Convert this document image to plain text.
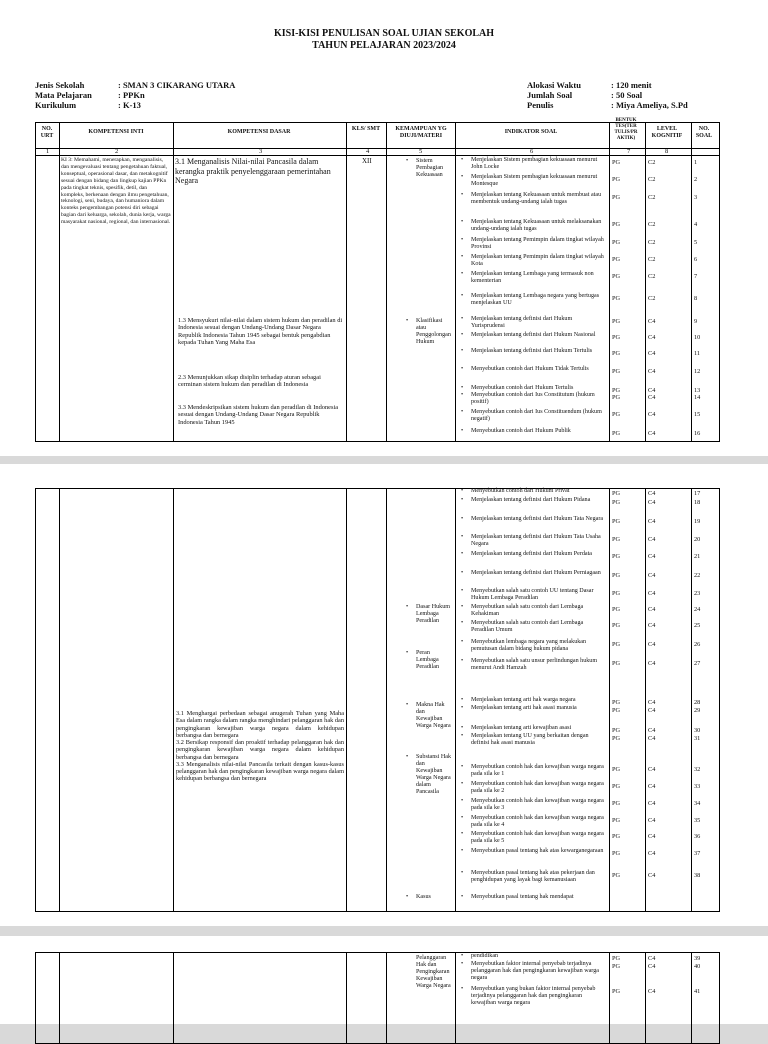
KISI-KISI PENULISAN SOAL UJIAN SEKOLAH
TAHUN PELAJARAN 2023/2024
Jenis Sekolah	: SMAN 3 CIKARANG UTARA
Mata Pelajaran	: PPKn
Kurikulum	: K-13
Alokasi Waktu	: 120 menit
Jumlah Soal	: 50 Soal
Penulis	: Miya Ameliya, S.Pd
NO. URT
KOMPETENSI INTI	KOMPETENSI DASAR	KLS/ SMT	KEMAMPUAN YG DIUJI/MATERI
INDIKATOR SOAL
BENTUK TES(TER TULIS/PR AKTIK)
LEVEL KOGNITIF
NO. SOAL
1	2	3	4	5	6	7	8
KI 3: Memahami, menerapkan, menganalisis, dan mengevaluasi tentang pengetahuan faktual, konseptual, operasional dasar, dan metakognitif sesuai dengan bidang dan lingkup kajian PPKn pada tingkat teknis, spesifik, detil, dan kompleks, berkenaan dengan ilmu pengetahuan, teknologi, seni, budaya, dan humaniora dalam konteks pengembangan potensi diri sebagai bagian dari keluarga, sekolah, dunia kerja, warga masyarakat nasional, regional, dan internasional.
3.1 Menganalisis Nilai-nilai Pancasila dalam kerangka praktik penyelenggaraan pemerintahan Negara
1.3 Mensyukuri nilai-nilai dalam sistem hukum dan peradilan di Indonesia sesuai dengan Undang-Undang Dasar Negara Republik Indonesia Tahun 1945 sebagai bentuk pengabdian kepada Tuhan Yang Maha Esa
2.3 Menunjukkan sikap disiplin terhadap aturan sebagai cerminan sistem hukum dan peradilan di Indonesia
3.3 Mendeskripsikan sistem hukum dan peradilan di Indonesia sesuai dengan Undang-Undang Dasar Negara Republik Indonesia Tahun 1945
XII
•	Sistem Pembagian Kekuasaan
• Klasifikasi atau Penggolongan Hukum
• Menjelaskan Sistem pembagian kekuasaan menurut John Locke
PG	C2	1
• Menjelaskan Sistem pembagian kekuasaan menurut Montesque
PG	C2	2
• Menjelaskan tentang Kekuasaan untuk membuat atau membentuk undang-undang ialah tugas
PG	C2	3
• Menjelaskan tentang Kekuasaan untuk melaksanakan undang-undang ialah tugas
PG	C2	4
• Menjelaskan tentang Pemimpin dalam tingkat wilayah Provinsi
PG	C2	5
• Menjelaskan tentang Pemimpin dalam tingkat wilayah Kota
PG	C2	6
• Menjelaskan tentang Lembaga yang termasuk non kementerian
PG	C2	7
• Menjelaskan tentang Lembaga negara yang bertugas menjelaskan UU
PG	C2	8
• Menjelaskan tentang definisi dari Hukum Yurisprudensi
PG	C4	9
• Menjelaskan tentang definisi dari Hukum Nasional	PG	C4	10
• Menjelaskan tentang definisi dari Hukum Tertulis	PG	C4	11
• Menyebutkan contoh dari Hukum Tidak Tertulis	PG	C4	12
• Menyebutkan contoh dari Hukum Tertulis	PG	C4	13
• Menyebutkan contoh dari Ius Constitutum (hukum positif)
PG	C4	14
• Menyebutkan contoh dari Ius Constituendum (hukum negatif)
PG	C4	15
• Menyebutkan contoh dari Hukum Publik	PG	C4	16
3.1 Menghargai perbedaan sebagai anugerah Tuhan yang Maha Esa dalam rangka dalam rangka menghindari pelanggaran hak dan pengingkaran kewajiban warga negara dalam kehidupan berbangsa dan bernegara
3.2 Bersikap responsif dan proaktif terhadap pelanggaran hak dan pengingkaran kewajiban warga negara dalam kehidupan berbangsa dan bernegara
3.3 Menganalisis nilai-nilai Pancasila terkait dengan kasus-kasus pelanggaran hak dan pengingkaran kewajiban warga negara dalam kehidupan berbangsa dan bernegara
• Dasar Hukum Lembaga Peradilan
• Peran Lembaga Peradilan
• Makna Hak dan Kewajiban Warga Negara
• Substansi Hak dan Kewajiban Warga Negara dalam Pancasila
• Kasus
• Menyebutkan contoh dari Hukum Privat	PG	C4	17
• Menjelaskan tentang definisi dari Hukum Pidana	PG	C4	18
• Menjelaskan tentang definisi dari Hukum Tata Negara	PG	C4	19
• Menjelaskan tentang definisi dari Hukum Tata Usaha Negara
PG	C4	20
• Menjelaskan tentang definisi dari Hukum Perdata	PG	C4	21
• Menjelaskan tentang definisi dari Hukum Perniagaan	PG	C4	22
• Menyebutkan salah satu contoh UU tentang Dasar Hukum Lembaga Peradilan
PG	C4	23
• Menyebutkan salah satu contoh dari Lembaga Kehakiman
PG	C4	24
• Menyebutkan salah satu contoh dari Lembaga Peradilan Umum
PG	C4	25
• Menyebutkan lembaga negara yang melakukan pemutusan dalam bidang hukum pidana
PG	C4	26
• Menyebutkan salah satu unsur perlindungan hukum menurut Andi Hamzah
PG	C4	27
• Menjelaskan tentang arti hak warga negara	PG	C4	28
• Menjelaskan tentang arti hak asasi manusia	PG	C4	29
• Menjelaskan tentang arti kewajiban asasi	PG	C4	30
• Menjelaskan tentang UU yang berkaitan dengan definisi hak asasi manusia
PG	C4	31
• Menyebutkan contoh hak dan kewajiban warga negara pada sila ke 1
PG	C4	32
• Menyebutkan contoh hak dan kewajiban warga negara pada sila ke 2
PG	C4	33
• Menyebutkan contoh hak dan kewajiban warga negara pada sila ke 3
PG	C4	34
• Menyebutkan contoh hak dan kewajiban warga negara pada sila ke 4
PG	C4	35
• Menyebutkan contoh hak dan kewajiban warga negara pada sila ke 5
PG	C4	36
• Menyebutkan pasal tentang hak atas kewarganegaraan	PG	C4	37
• Menyebutkan pasal tentang hak atas pekerjaan dan penghidupan yang layak bagi kemanusiaan
PG	C4	38
• Menyebutkan pasal tentang hak mendapat
Pelanggaran Hak dan Pengingkaran Kewajiban Warga Negara
• pendidikan	PG	C4	39
• Menyebutkan faktor internal penyebab terjadinya pelanggaran hak dan pengingkaran kewajiban warga negara
PG	C4	40
• Menyebutkan yang bukan faktor internal penyebab terjadinya pelanggaran hak dan pengingkaran kewajiban warga negara
PG	C4	41
